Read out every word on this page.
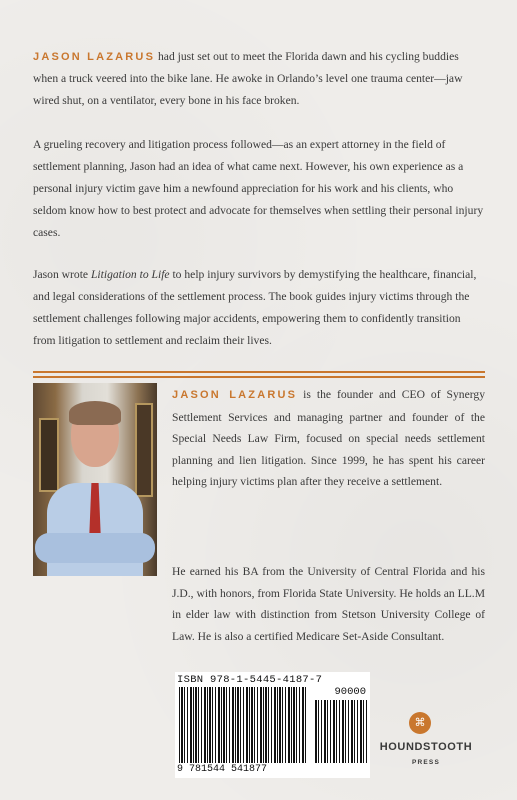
JASON LAZARUS had just set out to meet the Florida dawn and his cycling buddies when a truck veered into the bike lane. He awoke in Orlando’s level one trauma center—jaw wired shut, on a ventilator, every bone in his face broken.

A grueling recovery and litigation process followed—as an expert attorney in the field of settlement planning, Jason had an idea of what came next. However, his own experience as a personal injury victim gave him a newfound appreciation for his work and his clients, who seldom know how to best protect and advocate for themselves when settling their personal injury cases.

Jason wrote Litigation to Life to help injury survivors by demystifying the healthcare, financial, and legal considerations of the settlement process. The book guides injury victims through the settlement challenges following major accidents, empowering them to confidently transition from litigation to settlement and reclaim their lives.

JASON LAZARUS is the founder and CEO of Synergy Settlement Services and managing partner and founder of the Special Needs Law Firm, focused on special needs settlement planning and lien litigation. Since 1999, he has spent his career helping injury victims plan after they receive a settlement.

He earned his BA from the University of Central Florida and his J.D., with honors, from Florida State University. He holds an LL.M in elder law with distinction from Stetson University College of Law. He is also a certified Medicare Set-Aside Consultant.

ISBN 978-1-5445-4187-7
90000
9 781544 541877
⌘
HOUNDSTOOTH
PRESS
